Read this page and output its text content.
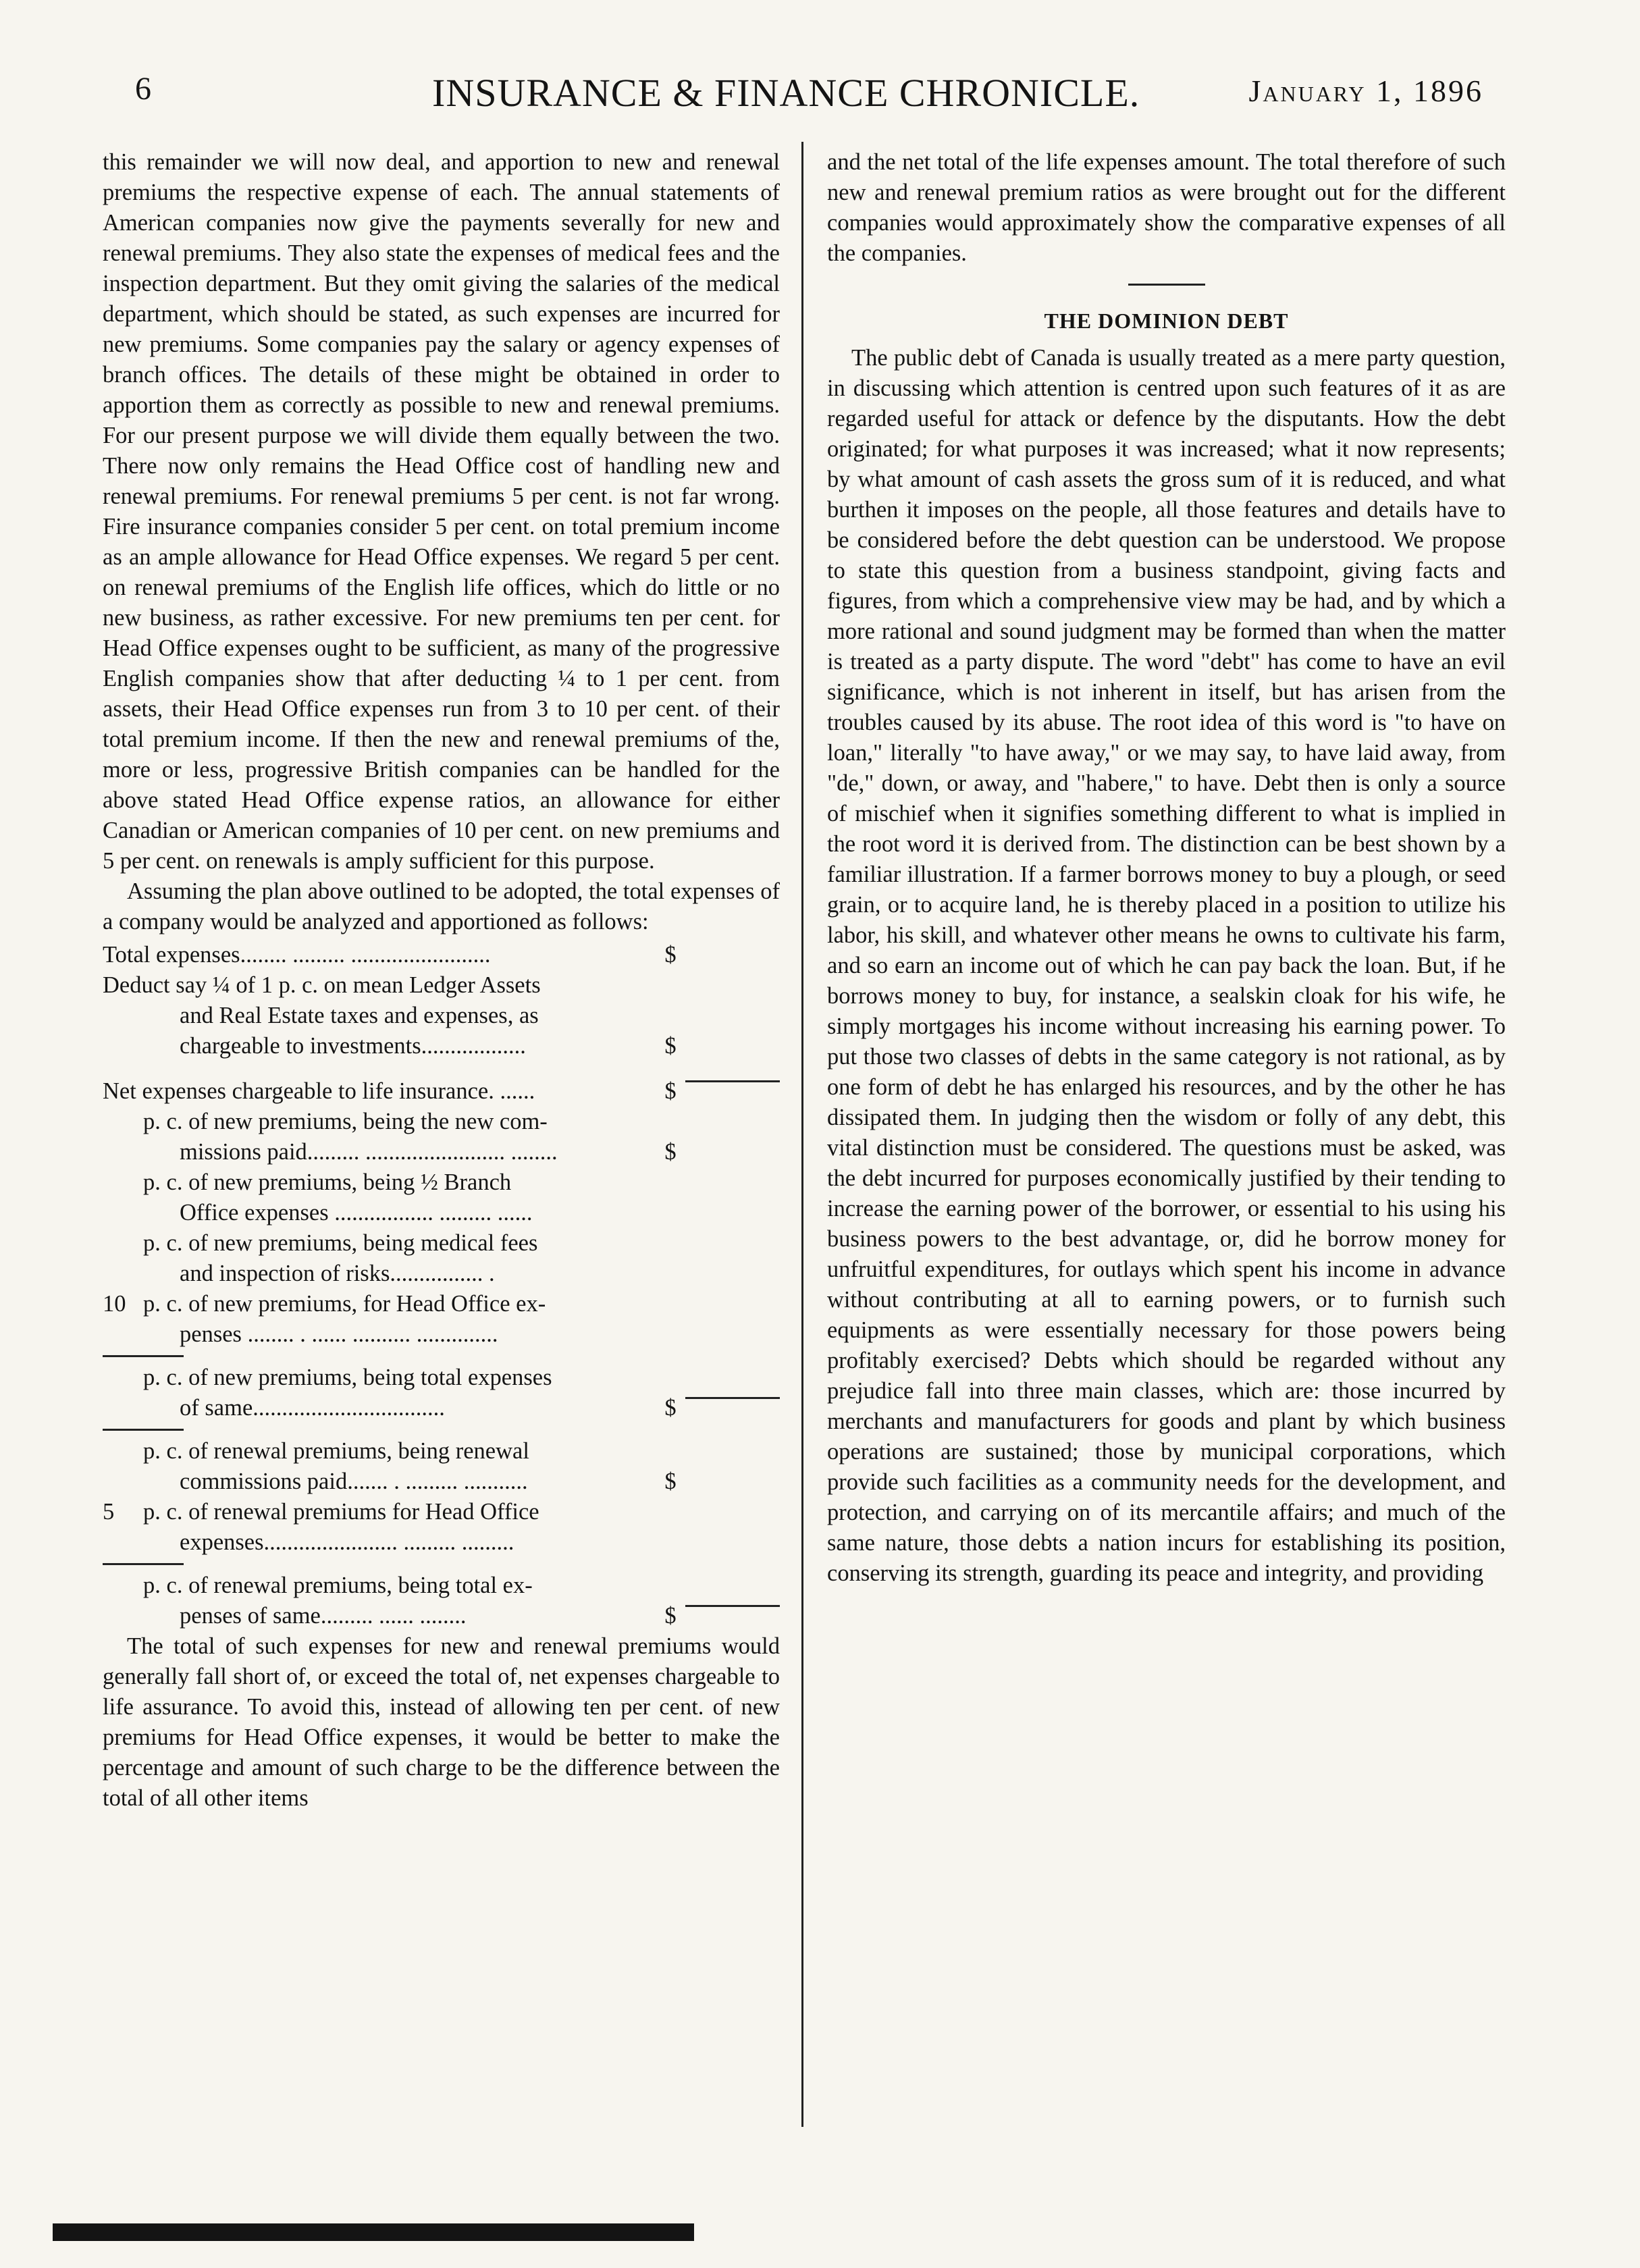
6	INSURANCE & FINANCE CHRONICLE.	January 1, 1896

this remainder we will now deal, and apportion to new and renewal premiums the respective expense of each. The annual statements of American companies now give the payments severally for new and renewal premiums. They also state the expenses of medical fees and the inspection department. But they omit giving the salaries of the medical department, which should be stated, as such expenses are incurred for new premiums. Some companies pay the salary or agency expenses of branch offices. The details of these might be obtained in order to apportion them as correctly as possible to new and renewal premiums. For our present purpose we will divide them equally between the two. There now only remains the Head Office cost of handling new and renewal premiums. For renewal premiums 5 per cent. is not far wrong. Fire insurance companies consider 5 per cent. on total premium income as an ample allowance for Head Office expenses. We regard 5 per cent. on renewal premiums of the English life offices, which do little or no new business, as rather excessive. For new premiums ten per cent. for Head Office expenses ought to be sufficient, as many of the progressive English companies show that after deducting ¼ to 1 per cent. from assets, their Head Office expenses run from 3 to 10 per cent. of their total premium income. If then the new and renewal premiums of the, more or less, progressive British companies can be handled for the above stated Head Office expense ratios, an allowance for either Canadian or American companies of 10 per cent. on new premiums and 5 per cent. on renewals is amply sufficient for this purpose.

Assuming the plan above outlined to be adopted, the total expenses of a company would be analyzed and apportioned as follows:

Total expenses........ ......... ........................	$
Deduct say ¼ of 1 p. c. on mean Ledger Assets
and Real Estate taxes and expenses, as
chargeable to investments..................	$
Net expenses chargeable to life insurance. ......	$
p. c. of new premiums, being the new com-
missions paid......... ........................ ........	$
p. c. of new premiums, being ½ Branch
Office expenses ................. ......... ......
p. c. of new premiums, being medical fees
and inspection of risks................ .
10 p. c. of new premiums, for Head Office ex-
penses ........ . ...... .......... ..............
p. c. of new premiums, being total expenses
of same.................................	$
p. c. of renewal premiums, being renewal
commissions paid....... . ......... ...........	$
5	p. c. of renewal premiums for Head Office
expenses....................... ......... .........
p. c. of renewal premiums, being total ex-
penses of same......... ...... ........	$

The total of such expenses for new and renewal premiums would generally fall short of, or exceed the total of, net expenses chargeable to life assurance. To avoid this, instead of allowing ten per cent. of new premiums for Head Office expenses, it would be better to make the percentage and amount of such charge to be the difference between the total of all other items

and the net total of the life expenses amount. The total therefore of such new and renewal premium ratios as were brought out for the different companies would approximately show the comparative expenses of all the companies.

THE DOMINION DEBT

The public debt of Canada is usually treated as a mere party question, in discussing which attention is centred upon such features of it as are regarded useful for attack or defence by the disputants. How the debt originated; for what purposes it was increased; what it now represents; by what amount of cash assets the gross sum of it is reduced, and what burthen it imposes on the people, all those features and details have to be considered before the debt question can be understood. We propose to state this question from a business standpoint, giving facts and figures, from which a comprehensive view may be had, and by which a more rational and sound judgment may be formed than when the matter is treated as a party dispute. The word "debt" has come to have an evil significance, which is not inherent in itself, but has arisen from the troubles caused by its abuse. The root idea of this word is "to have on loan," literally "to have away," or we may say, to have laid away, from "de," down, or away, and "habere," to have. Debt then is only a source of mischief when it signifies something different to what is implied in the root word it is derived from. The distinction can be best shown by a familiar illustration. If a farmer borrows money to buy a plough, or seed grain, or to acquire land, he is thereby placed in a position to utilize his labor, his skill, and whatever other means he owns to cultivate his farm, and so earn an income out of which he can pay back the loan. But, if he borrows money to buy, for instance, a sealskin cloak for his wife, he simply mortgages his income without increasing his earning power. To put those two classes of debts in the same category is not rational, as by one form of debt he has enlarged his resources, and by the other he has dissipated them. In judging then the wisdom or folly of any debt, this vital distinction must be considered. The questions must be asked, was the debt incurred for purposes economically justified by their tending to increase the earning power of the borrower, or essential to his using his business powers to the best advantage, or, did he borrow money for unfruitful expenditures, for outlays which spent his income in advance without contributing at all to earning powers, or to furnish such equipments as were essentially necessary for those powers being profitably exercised? Debts which should be regarded without any prejudice fall into three main classes, which are: those incurred by merchants and manufacturers for goods and plant by which business operations are sustained; those by municipal corporations, which provide such facilities as a community needs for the development, and protection, and carrying on of its mercantile affairs; and much of the same nature, those debts a nation incurs for establishing its position, conserving its strength, guarding its peace and integrity, and providing
